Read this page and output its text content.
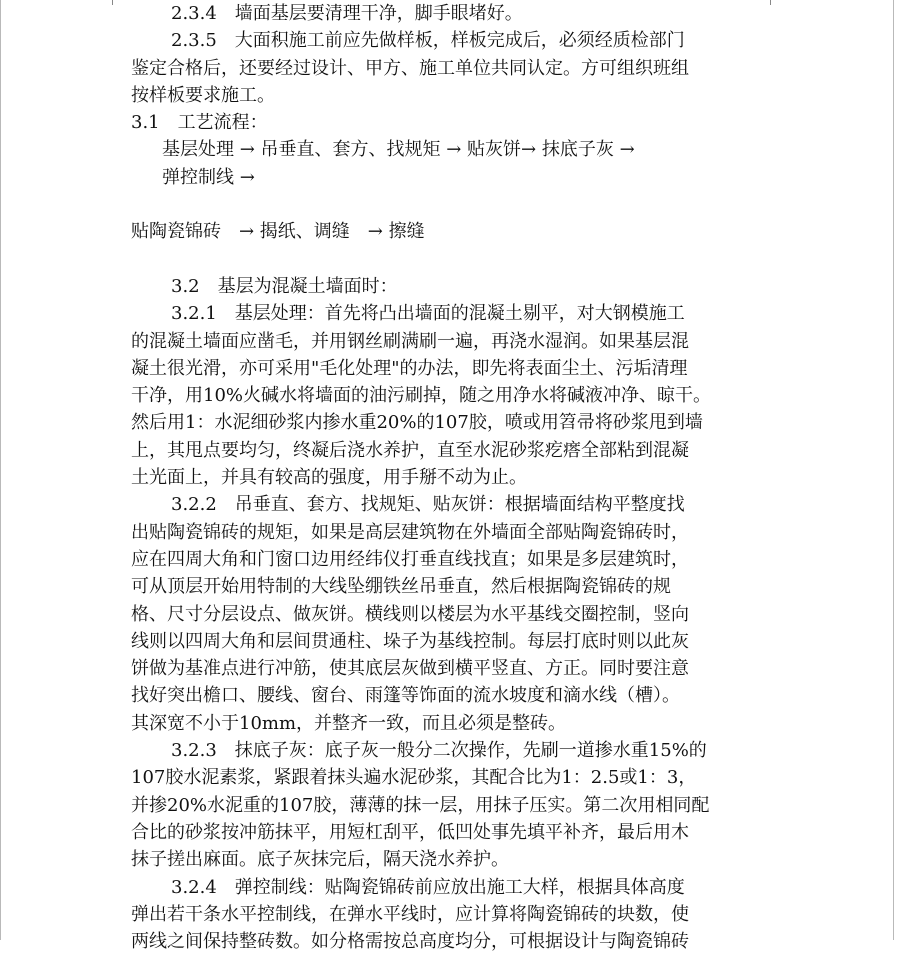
2.3.4　墙面基层要清理干净，脚手眼堵好。
2.3.5　大面积施工前应先做样板，样板完成后，必须经质检部门
鉴定合格后，还要经过设计、甲方、施工单位共同认定。方可组织班组
按样板要求施工。
3.1　工艺流程：
基层处理 → 吊垂直、套方、找规矩 → 贴灰饼→ 抹底子灰 →
弹控制线 →
贴陶瓷锦砖　→ 揭纸、调缝　→ 擦缝
3.2　基层为混凝土墙面时：
3.2.1　基层处理：首先将凸出墙面的混凝土剔平，对大钢模施工
的混凝土墙面应凿毛，并用钢丝刷满刷一遍，再浇水湿润。如果基层混
凝土很光滑，亦可采用"毛化处理"的办法，即先将表面尘土、污垢清理
干净，用10%火碱水将墙面的油污刷掉，随之用净水将碱液冲净、晾干。
然后用1：水泥细砂浆内掺水重20%的107胶，喷或用笤帚将砂浆甩到墙
上，其甩点要均匀，终凝后浇水养护，直至水泥砂浆疙瘩全部粘到混凝
土光面上，并具有较高的强度，用手掰不动为止。
3.2.2　吊垂直、套方、找规矩、贴灰饼：根据墙面结构平整度找
出贴陶瓷锦砖的规矩，如果是高层建筑物在外墙面全部贴陶瓷锦砖时，
应在四周大角和门窗口边用经纬仪打垂直线找直；如果是多层建筑时，
可从顶层开始用特制的大线坠绷铁丝吊垂直，然后根据陶瓷锦砖的规
格、尺寸分层设点、做灰饼。横线则以楼层为水平基线交圈控制，竖向
线则以四周大角和层间贯通柱、垛子为基线控制。每层打底时则以此灰
饼做为基准点进行冲筋，使其底层灰做到横平竖直、方正。同时要注意
找好突出檐口、腰线、窗台、雨篷等饰面的流水坡度和滴水线（槽）。
其深宽不小于10mm，并整齐一致，而且必须是整砖。
3.2.3　抹底子灰：底子灰一般分二次操作，先刷一道掺水重15%的
107胶水泥素浆，紧跟着抹头遍水泥砂浆，其配合比为1：2.5或1：3，
并掺20%水泥重的107胶，薄薄的抹一层，用抹子压实。第二次用相同配
合比的砂浆按冲筋抹平，用短杠刮平，低凹处事先填平补齐，最后用木
抹子搓出麻面。底子灰抹完后，隔天浇水养护。
3.2.4　弹控制线：贴陶瓷锦砖前应放出施工大样，根据具体高度
弹出若干条水平控制线，在弹水平线时，应计算将陶瓷锦砖的块数，使
两线之间保持整砖数。如分格需按总高度均分，可根据设计与陶瓷锦砖
